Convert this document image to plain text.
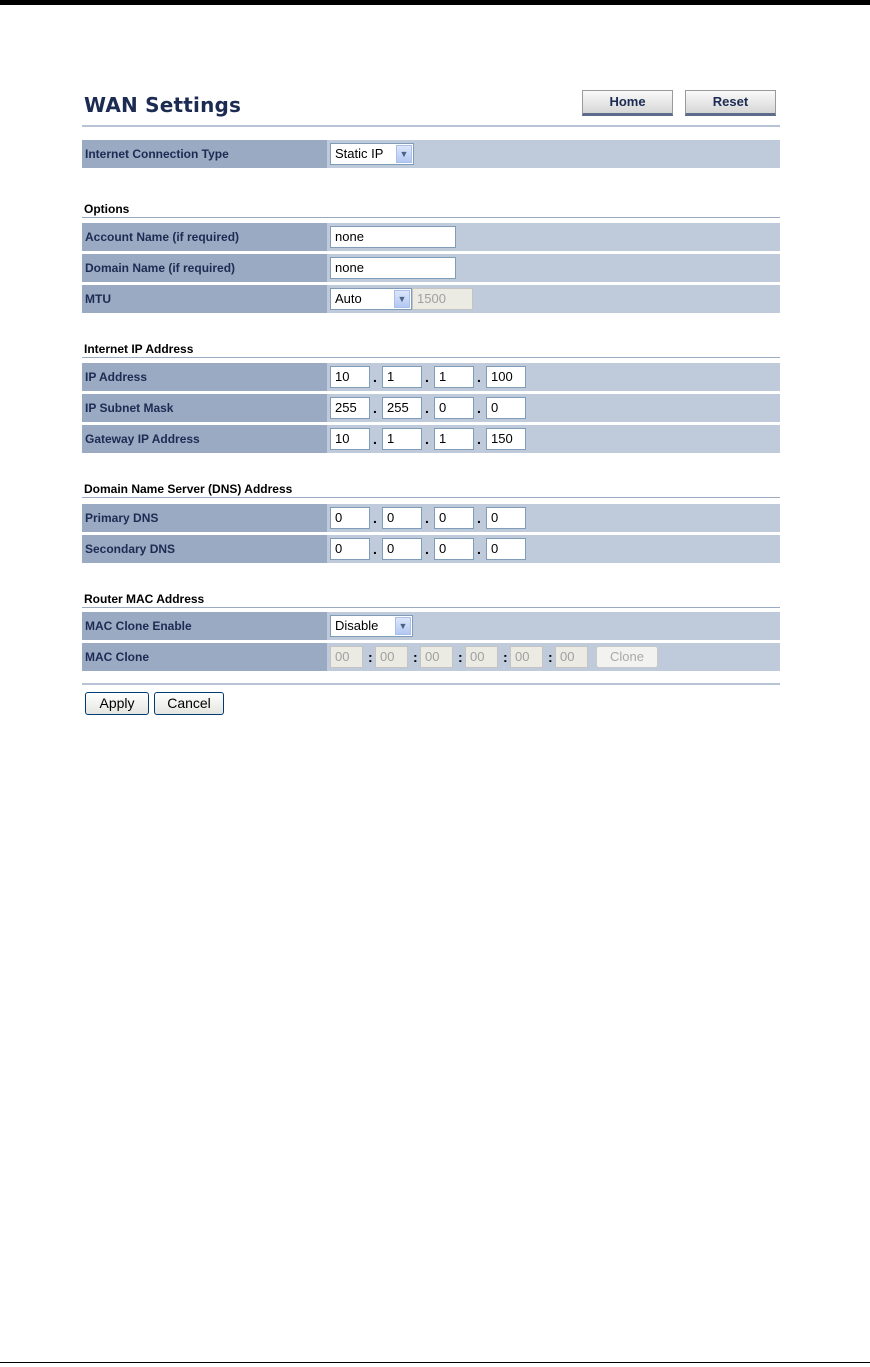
WAN Settings	Home	Reset
Internet Connection Type	Static IP	▼
Options
Account Name (if required)	none
Domain Name (if required)	none
MTU	Auto	▼ 1500
Internet IP Address
IP Address	10	. 1	. 1	. 100
IP Subnet Mask	255	. 255	. 0	. 0
Gateway IP Address	10	. 1	. 1	. 150
Domain Name Server (DNS) Address
Primary DNS	0	. 0	. 0	. 0
Secondary DNS	0	. 0	. 0	. 0
Router MAC Address
MAC Clone Enable	Disable	▼
MAC Clone	00	: 00	: 00	: 00	: 00	: 00	Clone
Apply	Cancel
